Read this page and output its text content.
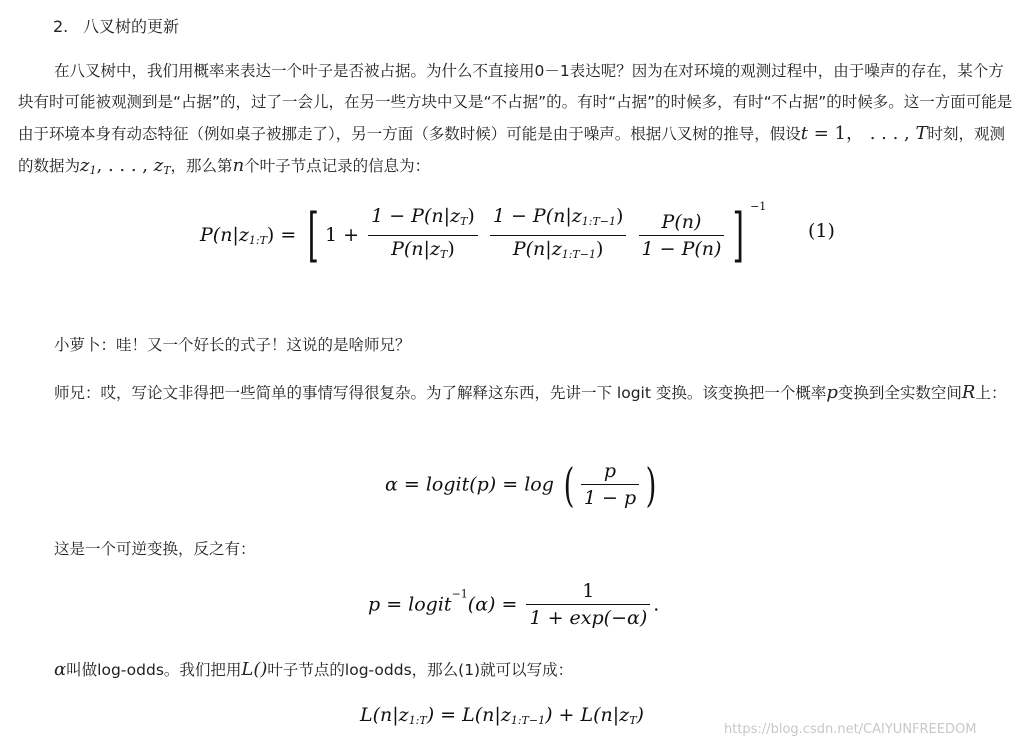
2. 八叉树的更新
在八叉树中，我们用概率来表达一个叶子是否被占据。为什么不直接用0－1表达呢？因为在对环境的观测过程中，由于噪声的存在，某个方块有时可能被观测到是“占据”的，过了一会儿，在另一些方块中又是“不占据”的。有时“占据”的时候多，有时“不占据”的时候多。这一方面可能是由于环境本身有动态特征（例如桌子被挪走了），另一方面（多数时候）可能是由于噪声。根据八叉树的推导，假设t = 1， . . . , T时刻，观测的数据为$z_1$, . . . , $z_T$，那么第n个叶子节点记录的信息为：
$P(n|z_{1:T})$ = [ $1 + \frac{1 - P(n|z_T)}{P(n|z_T)}$
$\frac{1 - P(n|z_{1:T-1})}{P(n|z_{1:T-1})}$
$\frac{P(n)}{1 - P(n)}$ ] $^{-1}$
(1)
小萝卜：哇！又一个好长的式子！这说的是啥师兄？
师兄：哎，写论文非得把一些简单的事情写得很复杂。为了解释这东西，先讲一下 logit 变换。该变换把一个概率p变换到全实数空间R上：
α = logit(p) = log ( $\frac{p}{1 - p}$ )
这是一个可逆变换，反之有：
p = logit$^{-1}$(α) = $\frac{1}{1 + \exp(-\alpha)}$ .
α叫做log-odds。我们把用L()叶子节点的log-odds，那么(1)就可以写成：
$L(n|z_{1:T}) = L(n|z_{1:T-1}) + L(n|z_T)$
https://blog.csdn.net/CAIYUNFREEDOM
